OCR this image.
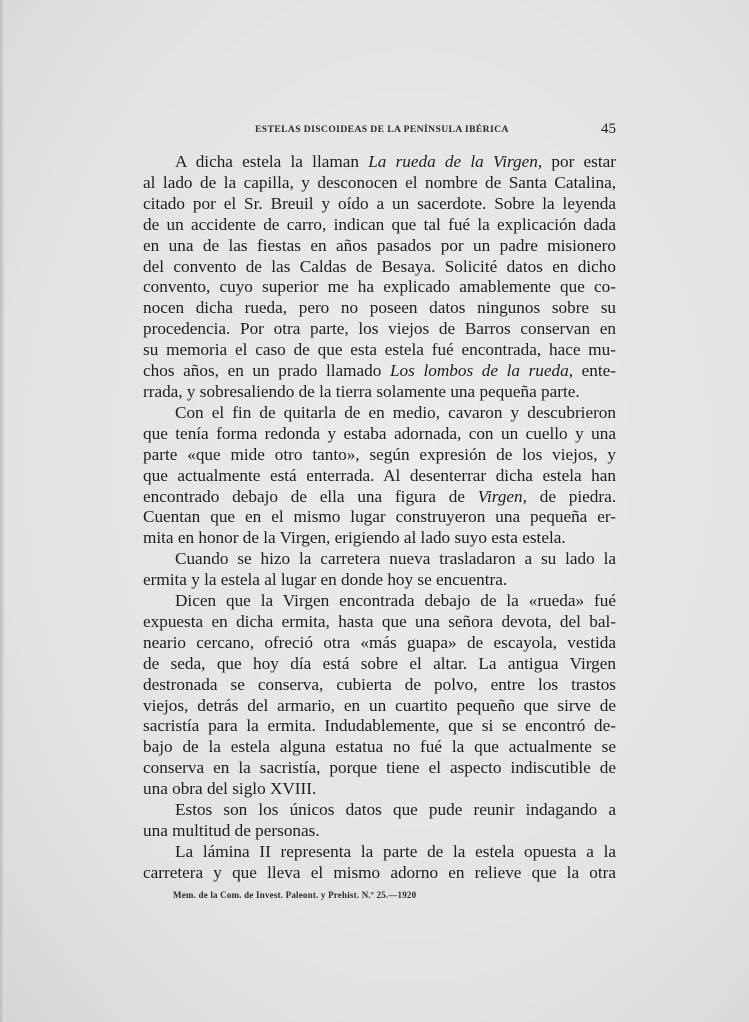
ESTELAS DISCOIDEAS DE LA PENÍNSULA IBÉRICA	45
A dicha estela la llaman La rueda de la Virgen, por estar
al lado de la capilla, y desconocen el nombre de Santa Catalina,
citado por el Sr. Breuil y oído a un sacerdote. Sobre la leyenda
de un accidente de carro, indican que tal fué la explicación dada
en una de las fiestas en años pasados por un padre misionero
del convento de las Caldas de Besaya. Solicité datos en dicho
convento, cuyo superior me ha explicado amablemente que co-
nocen dicha rueda, pero no poseen datos ningunos sobre su
procedencia. Por otra parte, los viejos de Barros conservan en
su memoria el caso de que esta estela fué encontrada, hace mu-
chos años, en un prado llamado Los lombos de la rueda, ente-
rrada, y sobresaliendo de la tierra solamente una pequeña parte.
Con el fin de quitarla de en medio, cavaron y descubrieron
que tenía forma redonda y estaba adornada, con un cuello y una
parte «que mide otro tanto», según expresión de los viejos, y
que actualmente está enterrada. Al desenterrar dicha estela han
encontrado debajo de ella una figura de Virgen, de piedra.
Cuentan que en el mismo lugar construyeron una pequeña er-
mita en honor de la Virgen, erigiendo al lado suyo esta estela.
Cuando se hizo la carretera nueva trasladaron a su lado la
ermita y la estela al lugar en donde hoy se encuentra.
Dicen que la Virgen encontrada debajo de la «rueda» fué
expuesta en dicha ermita, hasta que una señora devota, del bal-
neario cercano, ofreció otra «más guapa» de escayola, vestida
de seda, que hoy día está sobre el altar. La antigua Virgen
destronada se conserva, cubierta de polvo, entre los trastos
viejos, detrás del armario, en un cuartito pequeño que sirve de
sacristía para la ermita. Indudablemente, que si se encontró de-
bajo de la estela alguna estatua no fué la que actualmente se
conserva en la sacristía, porque tiene el aspecto indiscutible de
una obra del siglo XVIII.
Estos son los únicos datos que pude reunir indagando a
una multitud de personas.
La lámina II representa la parte de la estela opuesta a la
carretera y que lleva el mismo adorno en relieve que la otra
Mem. de la Com. de Invest. Paleont. y Prehist. N.º 25.—1920
